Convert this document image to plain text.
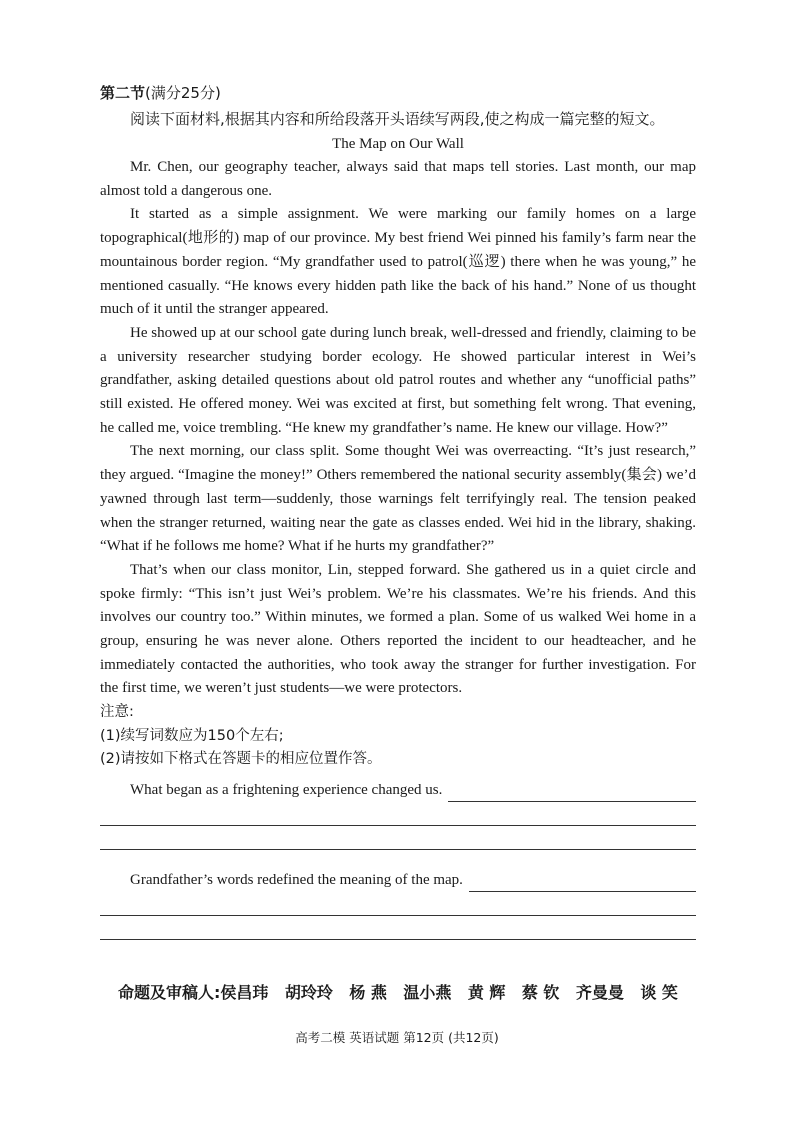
第二节(满分25分)
阅读下面材料,根据其内容和所给段落开头语续写两段,使之构成一篇完整的短文。
The Map on Our Wall

Mr. Chen, our geography teacher, always said that maps tell stories. Last month, our map almost told a dangerous one.

It started as a simple assignment. We were marking our family homes on a large topographical(地形的) map of our province. My best friend Wei pinned his family’s farm near the mountainous border region. “My grandfather used to patrol(巡逻) there when he was young,” he mentioned casually. “He knows every hidden path like the back of his hand.” None of us thought much of it until the stranger appeared.

He showed up at our school gate during lunch break, well-dressed and friendly, claiming to be a university researcher studying border ecology. He showed particular interest in Wei’s grandfather, asking detailed questions about old patrol routes and whether any “unofficial paths” still existed. He offered money. Wei was excited at first, but something felt wrong. That evening, he called me, voice trembling. “He knew my grandfather’s name. He knew our village. How?”

The next morning, our class split. Some thought Wei was overreacting. “It’s just research,” they argued. “Imagine the money!” Others remembered the national security assembly(集会) we’d yawned through last term—suddenly, those warnings felt terrifyingly real. The tension peaked when the stranger returned, waiting near the gate as classes ended. Wei hid in the library, shaking. “What if he follows me home? What if he hurts my grandfather?”

That’s when our class monitor, Lin, stepped forward. She gathered us in a quiet circle and spoke firmly: “This isn’t just Wei’s problem. We’re his classmates. We’re his friends. And this involves our country too.” Within minutes, we formed a plan. Some of us walked Wei home in a group, ensuring he was never alone. Others reported the incident to our headteacher, and he immediately contacted the authorities, who took away the stranger for further investigation. For the first time, we weren’t just students—we were protectors.

注意:

(1)续写词数应为150个左右;

(2)请按如下格式在答题卡的相应位置作答。

What began as a frightening experience changed us.
Grandfather’s words redefined the meaning of the map.
命题及审稿人:侯昌玮 胡玲玲 杨 燕 温小燕 黄 辉 蔡 钦 齐曼曼 谈 笑
高考二模 英语试题 第12页 (共12页)
